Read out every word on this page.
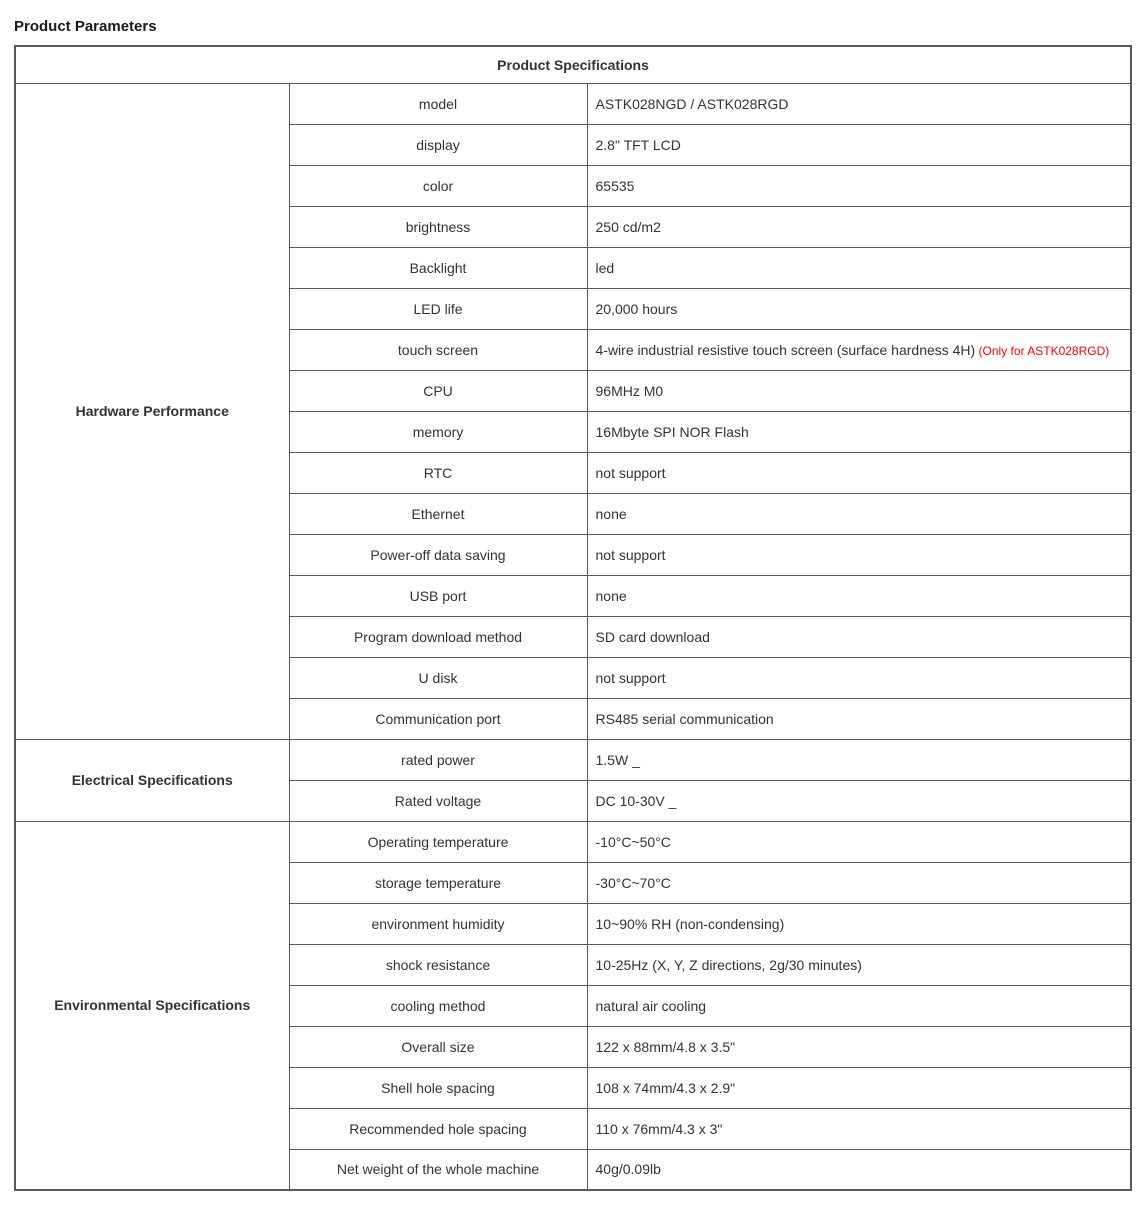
Product Parameters
Product Specifications		
Hardware Performance	model	ASTK028NGD / ASTK028RGD
	display	2.8" TFT LCD
	color	65535
	brightness	250 cd/m2
	Backlight	led
	LED life	20,000 hours
	touch screen	4-wire industrial resistive touch screen (surface hardness 4H) (Only for ASTK028RGD)
	CPU	96MHz M0
	memory	16Mbyte SPI NOR Flash
	RTC	not support
	Ethernet	none
	Power-off data saving	not support
	USB port	none
	Program download method	SD card download
	U disk	not support
	Communication port	RS485 serial communication
Electrical Specifications	rated power	1.5W _
	Rated voltage	DC 10-30V _
Environmental Specifications	Operating temperature	-10°C~50°C
	storage temperature	-30°C~70°C
	environment humidity	10~90% RH (non-condensing)
	shock resistance	10-25Hz (X, Y, Z directions, 2g/30 minutes)
	cooling method	natural air cooling
	Overall size	122 x 88mm/4.8 x 3.5"
	Shell hole spacing	108 x 74mm/4.3 x 2.9"
	Recommended hole spacing	110 x 76mm/4.3 x 3"
	Net weight of the whole machine	40g/0.09lb
